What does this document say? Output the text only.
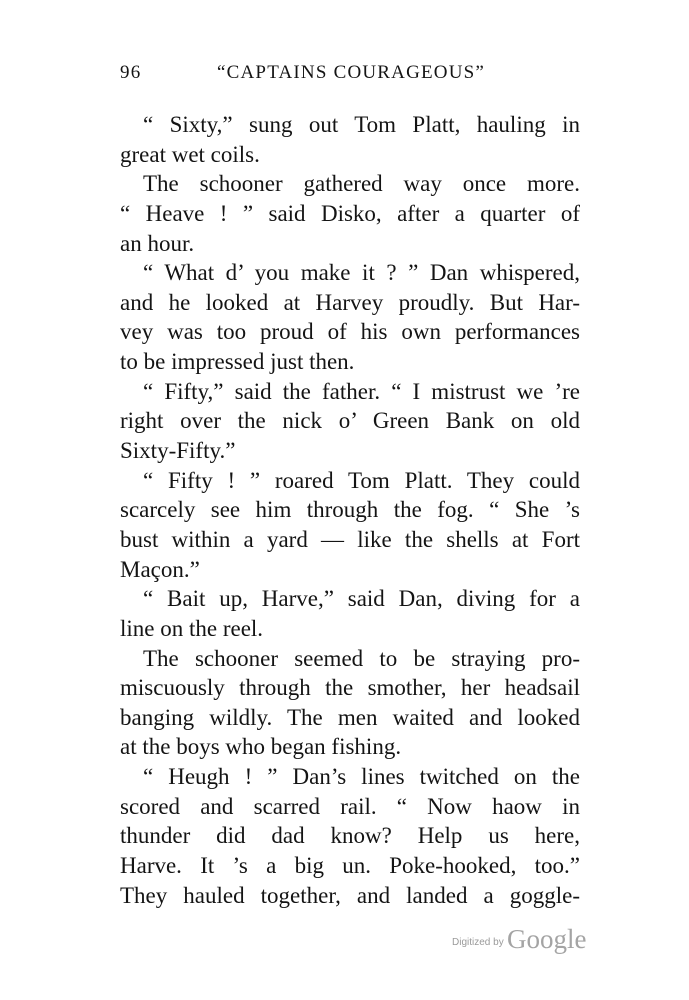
96	“CAPTAINS COURAGEOUS”
“ Sixty,” sung out Tom Platt, hauling in
great wet coils.
The schooner gathered way once more.
“ Heave ! ” said Disko, after a quarter of
an hour.
“ What d’ you make it ? ” Dan whispered,
and he looked at Harvey proudly. But Har-
vey was too proud of his own performances
to be impressed just then.
“ Fifty,” said the father. “ I mistrust we ’re
right over the nick o’ Green Bank on old
Sixty-Fifty.”
“ Fifty ! ” roared Tom Platt. They could
scarcely see him through the fog. “ She ’s
bust within a yard — like the shells at Fort
Maçon.”
“ Bait up, Harve,” said Dan, diving for a
line on the reel.
The schooner seemed to be straying pro-
miscuously through the smother, her headsail
banging wildly. The men waited and looked
at the boys who began fishing.
“ Heugh ! ” Dan’s lines twitched on the
scored and scarred rail. “ Now haow in
thunder did dad know? Help us here,
Harve. It ’s a big un. Poke-hooked, too.”
They hauled together, and landed a goggle-
Digitized by Google
